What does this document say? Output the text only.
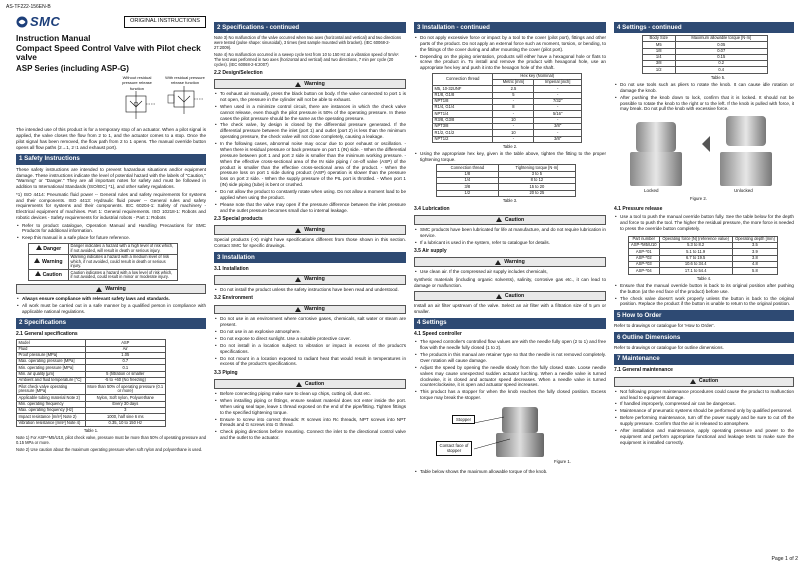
AS-TF222-156EN-B
Page 1 of 2
SMC	ORIGINAL INSTRUCTIONS
Instruction Manual
Compact Speed Control Valve with Pilot check valve
ASP Series (including ASP-G)
Without residual pressure release function
With residual pressure release function

The intended use of this product is for a temporary stop of an actuator. When a pilot signal is applied, the valve closes the flow from 2 to 1, and the actuator comes to a stop. Once the pilot signal has been removed, the flow path from 2 to 1 opens. The manual override button opens all flow paths (2→1, 2↑1 and exhaust port).

1 Safety Instructions

These safety instructions are intended to prevent hazardous situations and/or equipment damage. These instructions indicate the level of potential hazard with the labels of "Caution," "Warning" or "Danger." They are all important notes for safety and must be followed in addition to International Standards (ISO/IEC) *1), and other safety regulations.

*1) ISO 4414: Pneumatic fluid power -- General rules and safety requirements for systems and their components. ISO 4413: Hydraulic fluid power -- General rules and safety requirements for systems and their components. IEC 60204-1: Safety of machinery - Electrical equipment of machines. Part 1: General requirements. ISO 10218-1: Robots and robotic devices - Safety requirements for industrial robots - Part 1: Robots

• Refer to product catalogue, Operation Manual and Handling Precautions for SMC Products for additional information.
• Keep this manual in a safe place for future reference.
Danger	Danger indicates a hazard with a high level of risk which, if not avoided, will result in death or serious injury.
Warning	Warning indicates a hazard with a medium level of risk which, if not avoided, could result in death or serious injury.
Caution	Caution indicates a hazard with a low level of risk which, if not avoided, could result in minor or moderate injury.
Warning
• Always ensure compliance with relevant safety laws and standards.
• All work must be carried out in a safe manner by a qualified person in compliance with applicable national regulations.
2 Specifications
2.1 General specifications
Model	ASP
Fluid	Air
Proof pressure [MPa]	1.05
Max. operating pressure [MPa]	0.7
Min. operating pressure [MPa]	0.1
Min. air quality [μm]	5 (filtration or smaller
Ambient and fluid temperature [°C]	-5 to +60 (No freezing)
Pilot check valve operating pressure [MPa]	More than 50% of operating pressure (0.1 or more)
Applicable tubing material Note 2)	Nylon, Soft nylon, Polyurethane
Min. operating frequency	Every 30 days
Max. operating frequency [Hz]	3
Impact resistance [m/s²] Note 2)	1000, half sine 6 ms
Vibration resistance [m/s²] Note 4)	0.35, 10 to 150 Hz
Table 1.
Note 1) For ASP-*M5/U10, pilot check valve, pressure must be more than 50% of operating pressure and 0.15 MPa or more.
Note 2) Use caution about the maximum operating pressure when soft nylon and polyurethane is used.
2 Specifications - continued
Note 3) No malfunction of the valve occurred when two axes (horizontal and vertical) and two directions were tested (pulse shape: sinusoidal), 3 times (test sample mounted with bracket). (IEC 60068-2-27:2009).
Note 4) No malfunction occurred in a sweep cycle test from 10 to 150 Hz at a vibration speed of 5m/s². The test was performed in two axes (horizontal and vertical) and two directions, 7 min per cycle (20 cycles). (IEC 60068-2-6:2007)
2.2 Design/Selection
Warning
• To exhaust air manually, press the black button on body. If the valve connected to port 1 is not open, the pressure in the cylinder will not be able to exhaust.
• When used in a minimize control circuit, there are instances in which the check valve cannot release, even though the pilot pressure is 50% of the operating pressure. In these cases the pilot pressure should be the same as the operating pressure.
• The check valve, by design is closed by the differential pressure generated. If the differential pressure between the inlet (port 1) and outlet (port 2) is less than the minimum operating pressure, the check valve will not close completely, causing a leakage.
• In the following cases, abnormal noise may occur due to poor exhaust or oscillation. - When there is residual pressure or back pressure on port 1 (IN) side. - When the differential pressure between port 1 and port 2 side is smaller than the minimum working pressure. - When the effective cross-sectional area of the IN side piping / on-off valve (ASP) of the product is smaller than the effective cross-sectional area of the product. - When the pressure loss on port 1 side during product (ASP) operation is slower than the pressure loss on port 2 side. - When the supply pressure of the PIL port is throttled. - When port 1 (IN) side piping (tube) is bent or crushed.
• Do not allow the product to constantly rotate when using. Do not allow a moment load to be applied when using the product.
• Please note that the valve may open if the pressure difference between the inlet pressure and the outlet pressure becomes small due to internal leakage.
2.3 Special products
Warning

Special products (-X) might have specifications different from those shown in this section. Contact SMC for specific drawings.

3 Installation
3.1 Installation
Warning
• Do not install the product unless the safety instructions have been read and understood.
3.2 Environment
Warning
• Do not use in an environment where corrosive gases, chemicals, salt water or steam are present.
• Do not use in an explosive atmosphere.
• Do not expose to direct sunlight. Use a suitable protective cover.
• Do not install in a location subject to vibration or impact in excess of the product's specifications.
• Do not mount in a location exposed to radiant heat that would result in temperatures in excess of the product's specifications.
3.3 Piping
Caution
• Before connecting piping make sure to clean up chips, cutting oil, dust etc.
• When installing piping or fittings, ensure sealant material does not enter inside the port. When using seal tape, leave 1 thread exposed on the end of the pipe/fitting. Tighten fittings to the specified tightening torque.
• Ensure to screw into correct threads: R screws into Rc threads, NPT screws into NPT threads and G screws into G thread.
• Check piping directions before mounting. Connect the inlet to the directional control valve and the outlet to the actuator.
3 Installation - continued
• Do not apply excessive force or impact by a tool to the cover (pilot port), fittings and other parts of the product. Do not apply an external force such as moment, torsion, or bending, to the fittings of the cover during and after mounting the cover (pilot port).
• Depending on the piping orientation, products will either have a hexagonal hole or flats to screw the product in. To install and remove the product with hexagonal hole, use an appropriate hex key and push it into the hexagon hole of the shaft.
Connection thread	Hex key (Nominal)	
	Metric [mm]	Imperial [inch]
M5, 10-32UNF	2.5	-
R1/8, G1/8	5	-
NPT1/8	-	7/32"
R1/4, G1/4	8	-
NPT1/4	-	5/16"
R3/8, G3/8	10	-
NPT3/8	-	3/8"
R1/2, G1/2	10	-
NPT1/2	-	3/8"
Table 2.
• Using the appropriate hex key, given in the table above, tighten the fitting to the proper tightening torque.
Connection thread	Tightening torque [N·m]
1/8	3 to 5
1/4	8 to 12
3/8	15 to 20
1/2	20 to 25
Table 3.
3.4 Lubrication
Caution
• SMC products have been lubricated for life at manufacture, and do not require lubrication in service.
• If a lubricant is used in the system, refer to catalogue for details.
3.5 Air supply
Warning
• Use clean air. If the compressed air supply includes chemicals,

synthetic materials (including organic solvents), salinity, corrosive gas etc., it can lead to damage or malfunction.

Caution

Install an air filter upstream of the valve. Select an air filter with a filtration size of 5 μm or smaller.

4 Settings
4.1 Speed controller
• The speed controller's controlled flow values are with the needle fully open (2 to 1) and free flow with the needle fully closed (1 to 2).
• The products in this manual are retainer type so that the needle is not removed completely. Over rotation will cause damage.
• Adjust the speed by opening the needle slowly from the fully closed state. Loose needle valves may cause unexpected sudden actuator lurching. When a needle valve is turned clockwise, it is closed and actuator speed decreases. When a needle valve is turned counterclockwise, it is open and actuator speed increases.
• This product has a stopper for when the knob reaches the fully closed position. Excess torque may break the stopper.
Stopper
Contact face of stopper
Figure 1.
• Table below shows the maximum allowable torque of the knob.
4 Settings - continued
Body Size	Maximum allowable torque [N·m]
M5	0.05
1/8	0.07
1/4	0.15
3/8	0.2
1/2	0.4
Table 5.
• Do not use tools such as pliers to rotate the knob. It can cause idle rotation or damage the knob.
• After pushing the knob down to lock, confirm that it is locked. It should not be possible to rotate the knob to the right or to the left. If the knob is pulled with force, it may break. Do not pull the knob with excessive force.
Locked	Unlocked
Figure 2.
4.1 Pressure release
• Use a tool to push the manual override button fully. See the table below for the depth and force to push the tool. The higher the residual pressure, the more force is needed to press the override button completely.
Part number	Operating force [N] (reference value)	Operating depth [mm]
ASP-*M5/U10	5.3 to 8.2	3.5
ASP-*01	5.1 to 11.9	3.9
ASP-*02	6.7 to 19.5	3.8
ASP-*03	10.6 to 34.4	4.8
ASP-*04	17.1 to 54.4	5.8
Table 4.
• Ensure that the manual override button is back to its original position after pushing the button (at the end face of the product) before use.
• The check valve doesn't work properly unless the button is back to the original position. Replace the product if the button is unable to return to the original position.
5 How to Order

Refer to drawings or catalogue for 'How to Order'.

6 Outline Dimensions

Refer to drawings or catalogue for outline dimensions.

7 Maintenance
7.1 General maintenance
Caution
• Not following proper maintenance procedures could cause the product to malfunction and lead to equipment damage.
• If handled improperly, compressed air can be dangerous.
• Maintenance of pneumatic systems should be performed only by qualified personnel.
• Before performing maintenance, turn off the power supply and be sure to cut off the supply pressure. Confirm that the air is released to atmosphere.
• After installation and maintenance, apply operating pressure and power to the equipment and perform appropriate functional and leakage tests to make sure the equipment is installed correctly.
